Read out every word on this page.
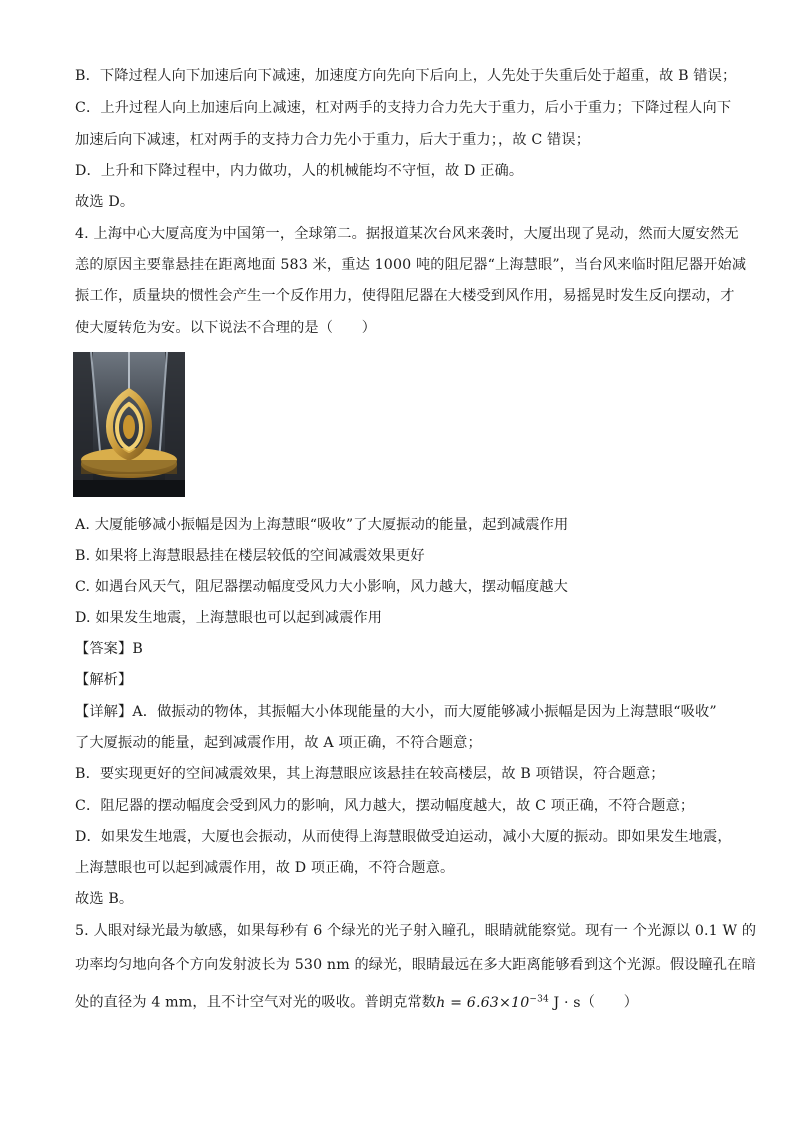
B．下降过程人向下加速后向下减速，加速度方向先向下后向上，人先处于失重后处于超重，故 B 错误；
C．上升过程人向上加速后向上减速，杠对两手的支持力合力先大于重力，后小于重力；下降过程人向下
加速后向下减速，杠对两手的支持力合力先小于重力，后大于重力；，故 C 错误；
D．上升和下降过程中，内力做功，人的机械能均不守恒，故 D 正确。
故选 D。
4. 上海中心大厦高度为中国第一，全球第二。据报道某次台风来袭时，大厦出现了晃动，然而大厦安然无
恙的原因主要靠悬挂在距离地面 583 米，重达 1000 吨的阻尼器“上海慧眼”，当台风来临时阻尼器开始减
振工作，质量块的惯性会产生一个反作用力，使得阻尼器在大楼受到风作用，易摇晃时发生反向摆动，才
使大厦转危为安。以下说法不合理的是（　　）
A. 大厦能够减小振幅是因为上海慧眼“吸收”了大厦振动的能量，起到减震作用
B. 如果将上海慧眼悬挂在楼层较低的空间减震效果更好
C. 如遇台风天气，阻尼器摆动幅度受风力大小影响，风力越大，摆动幅度越大
D. 如果发生地震，上海慧眼也可以起到减震作用
【答案】B
【解析】
【详解】A．做振动的物体，其振幅大小体现能量的大小，而大厦能够减小振幅是因为上海慧眼“吸收”
了大厦振动的能量，起到减震作用，故 A 项正确，不符合题意；
B．要实现更好的空间减震效果，其上海慧眼应该悬挂在较高楼层，故 B 项错误，符合题意；
C．阻尼器的摆动幅度会受到风力的影响，风力越大，摆动幅度越大，故 C 项正确，不符合题意；
D．如果发生地震，大厦也会振动，从而使得上海慧眼做受迫运动，减小大厦的振动。即如果发生地震，
上海慧眼也可以起到减震作用，故 D 项正确，不符合题意。
故选 B。
5. 人眼对绿光最为敏感，如果每秒有 6 个绿光的光子射入瞳孔，眼睛就能察觉。现有一 个光源以 0.1 W 的
功率均匀地向各个方向发射波长为 530 nm 的绿光，眼睛最远在多大距离能够看到这个光源。假设瞳孔在暗
处的直径为 4 mm，且不计空气对光的吸收。普朗克常数$h = 6.63\times 10^{-34}$ J · s（　　）
